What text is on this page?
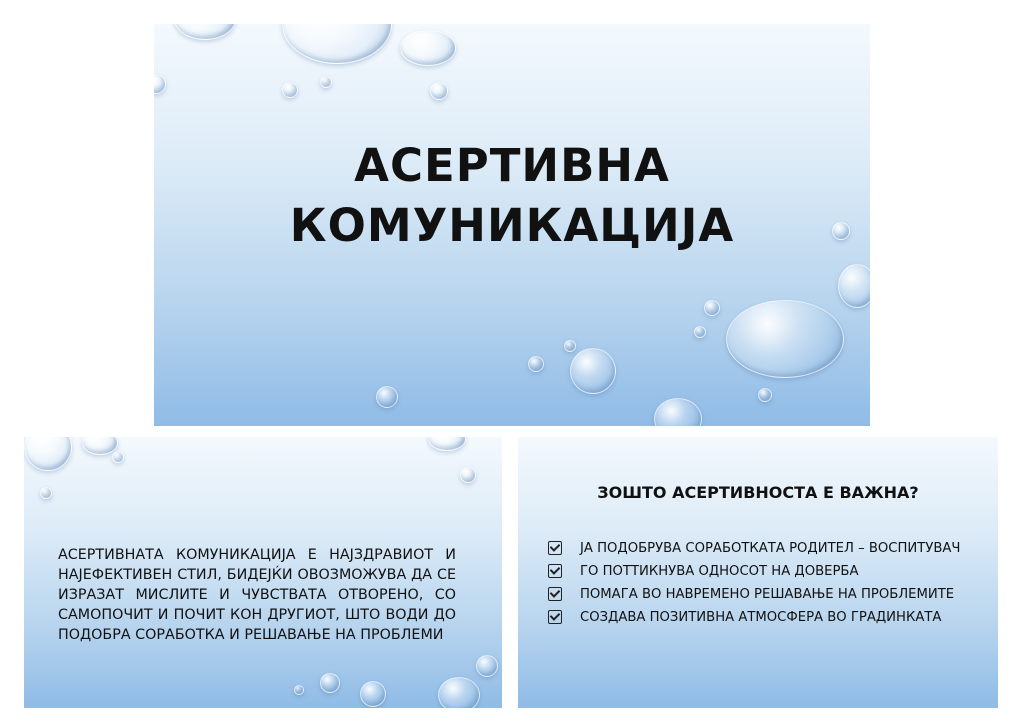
АСЕРТИВНА
КОМУНИКАЦИЈА

АСЕРТИВНАТА КОМУНИКАЦИЈА Е НАЈЗДРАВИОТ И НАЈЕФЕКТИВЕН СТИЛ, БИДЕЈЌИ ОВОЗМОЖУВА ДА СЕ ИЗРАЗАТ МИСЛИТЕ И ЧУВСТВАТА ОТВОРЕНО, СО САМОПОЧИТ И ПОЧИТ КОН ДРУГИОТ, ШТО ВОДИ ДО ПОДОБРА СОРАБОТКА И РЕШАВАЊЕ НА ПРОБЛЕМИ

ЗОШТО АСЕРТИВНОСТА Е ВАЖНА?
ЈА ПОДОБРУВА СОРАБОТКАТА РОДИТЕЛ – ВОСПИТУВАЧ
ГО ПОТТИКНУВА ОДНОСОТ НА ДОВЕРБА
ПОМАГА ВО НАВРЕМЕНО РЕШАВАЊЕ НА ПРОБЛЕМИТЕ
СОЗДАВА ПОЗИТИВНА АТМОСФЕРА ВО ГРАДИНКАТА
